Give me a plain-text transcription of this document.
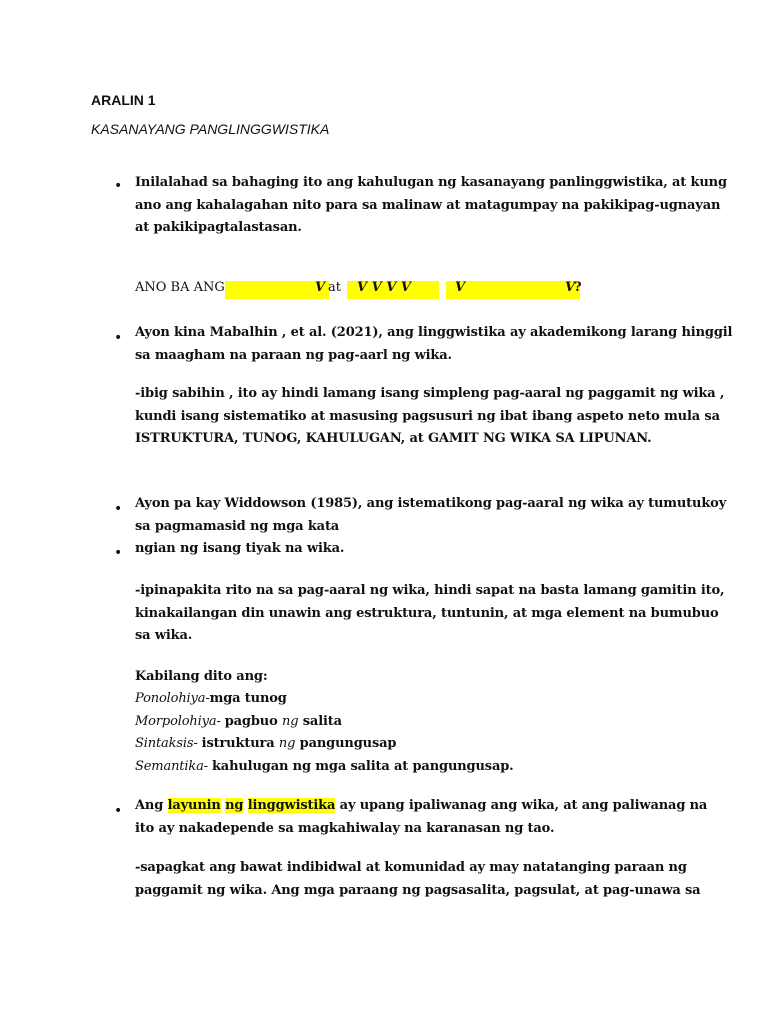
ARALIN 1
KASANAYANG PANGLINGGWISTIKA
• Inilalahad sa bahaging ito ang kahulugan ng kasanayang panlinggwistika, at kung
ano ang kahalagahan nito para sa malinaw at matagumpay na pakikipag-ugnayan
at pakikipagtalastasan.
ANO BA ANG	V at V V V V	V	V
?
• Ayon kina Mabalhin , et al. (2021), ang linggwistika ay akademikong larang hinggil
sa maagham na paraan ng pag-aarl ng wika.
-ibig sabihin , ito ay hindi lamang isang simpleng pag-aaral ng paggamit ng wika ,
kundi isang sistematiko at masusing pagsusuri ng ibat ibang aspeto neto mula sa
ISTRUKTURA, TUNOG, KAHULUGAN, at GAMIT NG WIKA SA LIPUNAN.
• Ayon pa kay Widdowson (1985), ang istematikong pag-aaral ng wika ay tumutukoy
sa pagmamasid ng mga kata
• ngian ng isang tiyak na wika.
-ipinapakita rito na sa pag-aaral ng wika, hindi sapat na basta lamang gamitin ito,
kinakailangan din unawin ang estruktura, tuntunin, at mga element na bumubuo
sa wika.
Kabilang dito ang:
Ponolohiya-mga tunog
Morpolohiya- pagbuo ng salita
Sintaksis- istruktura ng pangungusap
Semantika- kahulugan ng mga salita at pangungusap.
• Ang layunin ng linggwistika ay upang ipaliwanag ang wika, at ang paliwanag na
ito ay nakadepende sa magkahiwalay na karanasan ng tao.
-sapagkat ang bawat indibidwal at komunidad ay may natatanging paraan ng
paggamit ng wika. Ang mga paraang ng pagsasalita, pagsulat, at pag-unawa sa
